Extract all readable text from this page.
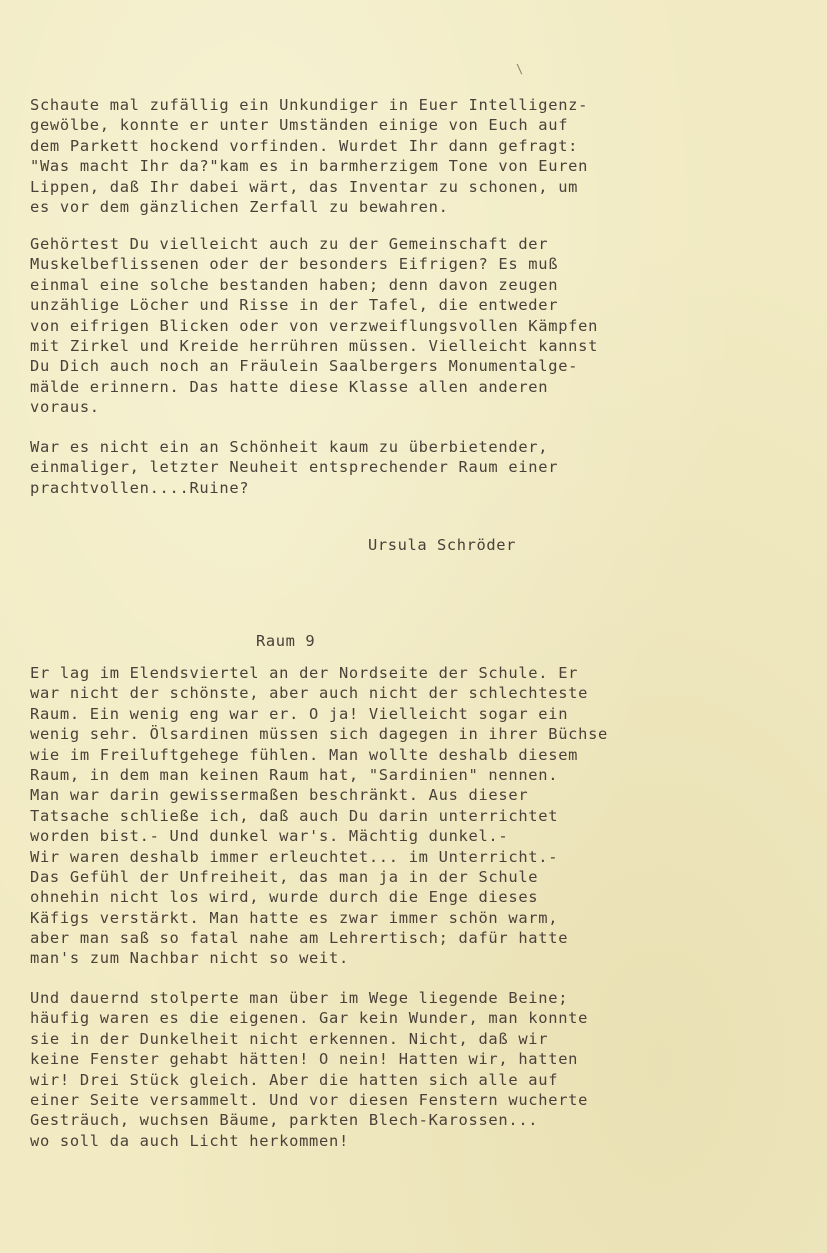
\
Schaute mal zufällig ein Unkundiger in Euer Intelligenz-
gewölbe, konnte er unter Umständen einige von Euch auf
dem Parkett hockend vorfinden. Wurdet Ihr dann gefragt:
"Was macht Ihr da?"kam es in barmherzigem Tone von Euren
Lippen, daß Ihr dabei wärt, das Inventar zu schonen, um
es vor dem gänzlichen Zerfall zu bewahren.
Gehörtest Du vielleicht auch zu der Gemeinschaft der
Muskelbeflissenen oder der besonders Eifrigen? Es muß
einmal eine solche bestanden haben; denn davon zeugen
unzählige Löcher und Risse in der Tafel, die entweder
von eifrigen Blicken oder von verzweiflungsvollen Kämpfen
mit Zirkel und Kreide herrühren müssen. Vielleicht kannst
Du Dich auch noch an Fräulein Saalbergers Monumentalge-
mälde erinnern. Das hatte diese Klasse allen anderen
voraus.
War es nicht ein an Schönheit kaum zu überbietender,
einmaliger, letzter Neuheit entsprechender Raum einer
prachtvollen....Ruine?
Ursula Schröder
Raum 9
Er lag im Elendsviertel an der Nordseite der Schule. Er
war nicht der schönste, aber auch nicht der schlechteste
Raum. Ein wenig eng war er. O ja! Vielleicht sogar ein
wenig sehr. Ölsardinen müssen sich dagegen in ihrer Büchse
wie im Freiluftgehege fühlen. Man wollte deshalb diesem
Raum, in dem man keinen Raum hat, "Sardinien" nennen.
Man war darin gewissermaßen beschränkt. Aus dieser
Tatsache schließe ich, daß auch Du darin unterrichtet
worden bist.- Und dunkel war's. Mächtig dunkel.-
Wir waren deshalb immer erleuchtet... im Unterricht.-
Das Gefühl der Unfreiheit, das man ja in der Schule
ohnehin nicht los wird, wurde durch die Enge dieses
Käfigs verstärkt. Man hatte es zwar immer schön warm,
aber man saß so fatal nahe am Lehrertisch; dafür hatte
man's zum Nachbar nicht so weit.
Und dauernd stolperte man über im Wege liegende Beine;
häufig waren es die eigenen. Gar kein Wunder, man konnte
sie in der Dunkelheit nicht erkennen. Nicht, daß wir
keine Fenster gehabt hätten! O nein! Hatten wir, hatten
wir! Drei Stück gleich. Aber die hatten sich alle auf
einer Seite versammelt. Und vor diesen Fenstern wucherte
Gesträuch, wuchsen Bäume, parkten Blech-Karossen...
wo soll da auch Licht herkommen!
